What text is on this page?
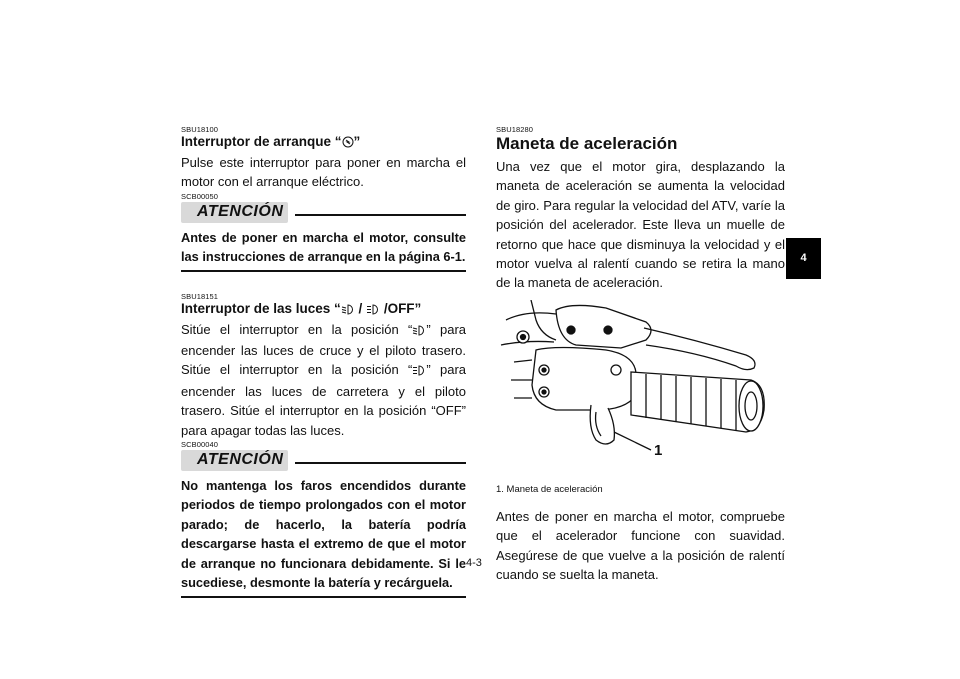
SBU18100

Interruptor de arranque “ ”

Pulse este interruptor para poner en marcha el motor con el arranque eléctrico.

SCB00050

ATENCIÓN

Antes de poner en marcha el motor, consulte las instrucciones de arranque en la página 6-1.

SBU18151

Interruptor de las luces “ /  /OFF”

Sitúe el interruptor en la posición “ ” para encender las luces de cruce y el piloto trasero. Sitúe el interruptor en la posición “ ” para encender las luces de carretera y el piloto trasero. Sitúe el interruptor en la posición “OFF” para apagar todas las luces.

SCB00040

ATENCIÓN

No mantenga los faros encendidos durante periodos de tiempo prolongados con el motor parado; de hacerlo, la batería podría descargarse hasta el extremo de que el motor de arranque no funcionara debidamente. Si le sucediese, desmonte la batería y recárguela.

SBU18280

Maneta de aceleración

Una vez que el motor gira, desplazando la maneta de aceleración se aumenta la velocidad de giro. Para regular la velocidad del ATV, varíe la posición del acelerador. Este lleva un muelle de retorno que hace que disminuya la velocidad y el motor vuelva al ralentí cuando se retira la mano de la maneta de aceleración.

1

1. Maneta de aceleración

Antes de poner en marcha el motor, compruebe que el acelerador funcione con suavidad. Asegúrese de que vuelve a la posición de ralentí cuando se suelta la maneta.

4
4-3
